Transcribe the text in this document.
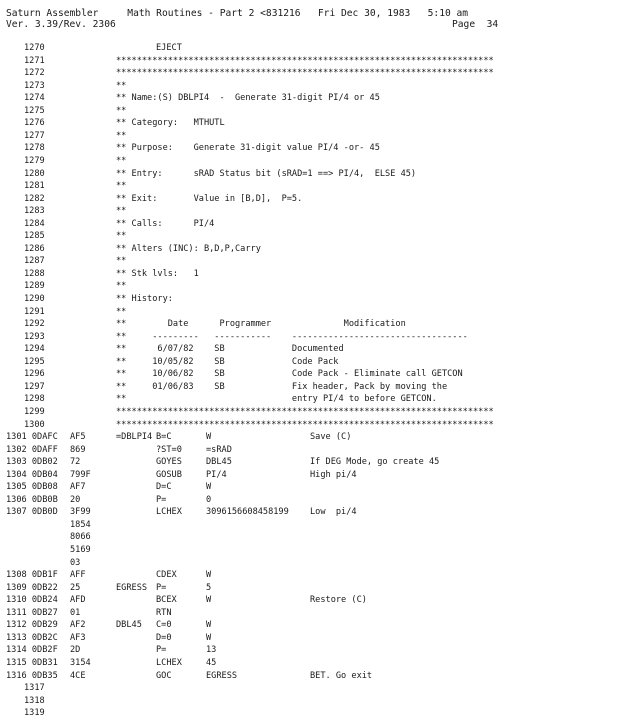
Saturn Assembler     Math Routines - Part 2 <831216   Fri Dec 30, 1983   5:10 am
Ver. 3.39/Rev. 2306	Page  34
1270	EJECT
1271	*************************************************************************
1272	*************************************************************************
1273	**
1274	** Name:(S) DBLPI4  -  Generate 31-digit PI/4 or 45
1275	**
1276	** Category:   MTHUTL
1277	**
1278	** Purpose:    Generate 31-digit value PI/4 -or- 45
1279	**
1280	** Entry:      sRAD Status bit (sRAD=1 ==> PI/4,  ELSE 45)
1281	**
1282	** Exit:       Value in [B,D],  P=5.
1283	**
1284	** Calls:      PI/4
1285	**
1286	** Alters (INC): B,D,P,Carry
1287	**
1288	** Stk lvls:   1
1289	**
1290	** History:
1291	**
1292	**        Date      Programmer              Modification
1293	**     ---------   -----------    ----------------------------------
1294	**      6/07/82    SB             Documented
1295	**     10/05/82    SB             Code Pack
1296	**     10/06/82    SB             Code Pack - Eliminate call GETCON
1297	**     01/06/83    SB             Fix header, Pack by moving the
1298	**                                entry PI/4 to before GETCON.
1299	*************************************************************************
1300	*************************************************************************
1301 0DAFC AF5	=DBLPI4 B=C	W	Save (C)
1302 0DAFF 869	?ST=0	=sRAD
1303 0DB02 72	GOYES	DBL45	If DEG Mode, go create 45
1304 0DB04 799F	GOSUB	PI/4	High pi/4
1305 0DB08 AF7	D=C	W
1306 0DB0B 20	P=	0
1307 0DB0D 3F99	LCHEX	3096156608458199 Low  pi/4
1854
8066
5169
03
1308 0DB1F AFF	CDEX	W
1309 0DB22 25	EGRESS P=	5
1310 0DB24 AFD	BCEX	W	Restore (C)
1311 0DB27 01	RTN
1312 0DB29 AF2	DBL45 C=0	W
1313 0DB2C AF3	D=0	W
1314 0DB2F 2D	P=	13
1315 0DB31 3154	LCHEX	45
1316 0DB35 4CE	GOC	EGRESS	BET. Go exit
1317
1318
1319
